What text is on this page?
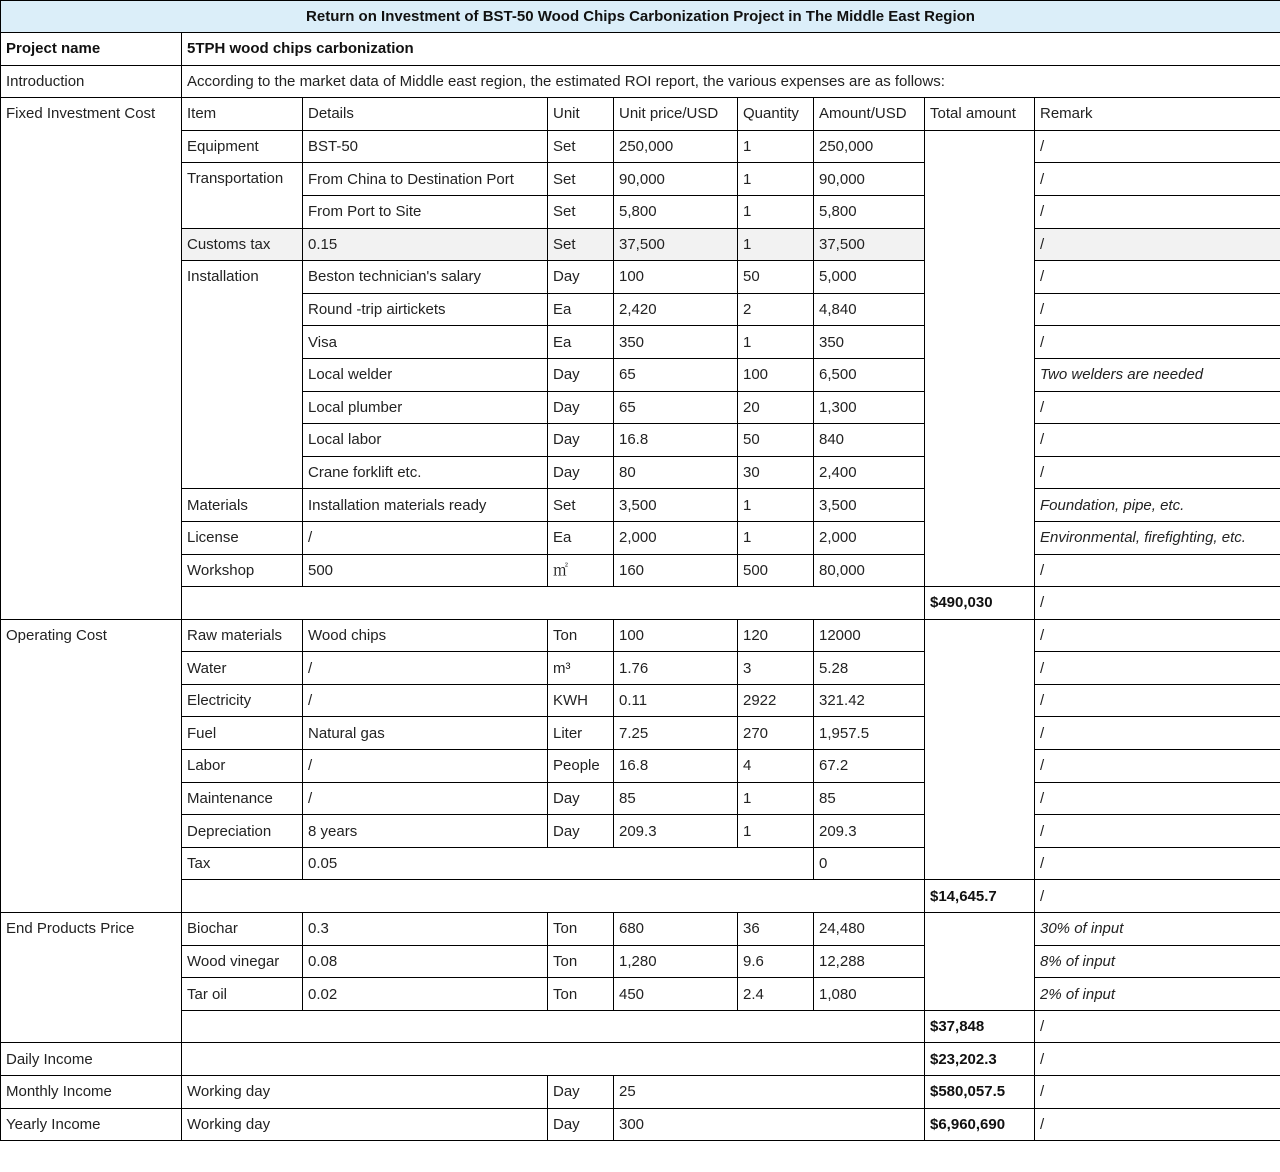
Return on Investment of BST-50 Wood Chips Carbonization Project in The Middle East Region								
Project name	5TPH wood chips carbonization							
Introduction	According to the market data of Middle east region, the estimated ROI report, the various expenses are as follows:							
Fixed Investment Cost	Item	Details	Unit	Unit price/USD	Quantity	Amount/USD	Total amount	Remark
	Equipment	BST-50	Set	250,000	1	250,000		/
	Transportation	From China to Destination Port	Set	90,000	1	90,000		/
		From Port to Site	Set	5,800	1	5,800		/
	Customs tax	0.15	Set	37,500	1	37,500		/
	Installation	Beston technician's salary	Day	100	50	5,000		/
		Round -trip airtickets	Ea	2,420	2	4,840		/
		Visa	Ea	350	1	350		/
		Local welder	Day	65	100	6,500		Two welders are needed
		Local plumber	Day	65	20	1,300		/
		Local labor	Day	16.8	50	840		/
		Crane forklift etc.	Day	80	30	2,400		/
	Materials	Installation materials ready	Set	3,500	1	3,500		Foundation, pipe, etc.
	License	/	Ea	2,000	1	2,000		Environmental, firefighting, etc.
	Workshop	500	㎡	160	500	80,000		/
							$490,030	/
Operating Cost	Raw materials	Wood chips	Ton	100	120	12000		/
	Water	/	m³	1.76	3	5.28		/
	Electricity	/	KWH	0.11	2922	321.42		/
	Fuel	Natural gas	Liter	7.25	270	1,957.5		/
	Labor	/	People	16.8	4	67.2		/
	Maintenance	/	Day	85	1	85		/
	Depreciation	8 years	Day	209.3	1	209.3		/
	Tax	0.05				0		/
							$14,645.7	/
End Products Price	Biochar	0.3	Ton	680	36	24,480		30% of input
	Wood vinegar	0.08	Ton	1,280	9.6	12,288		8% of input
	Tar oil	0.02	Ton	450	2.4	1,080		2% of input
							$37,848	/
Daily Income							$23,202.3	/
Monthly Income	Working day		Day	25			$580,057.5	/
Yearly Income	Working day		Day	300			$6,960,690	/
